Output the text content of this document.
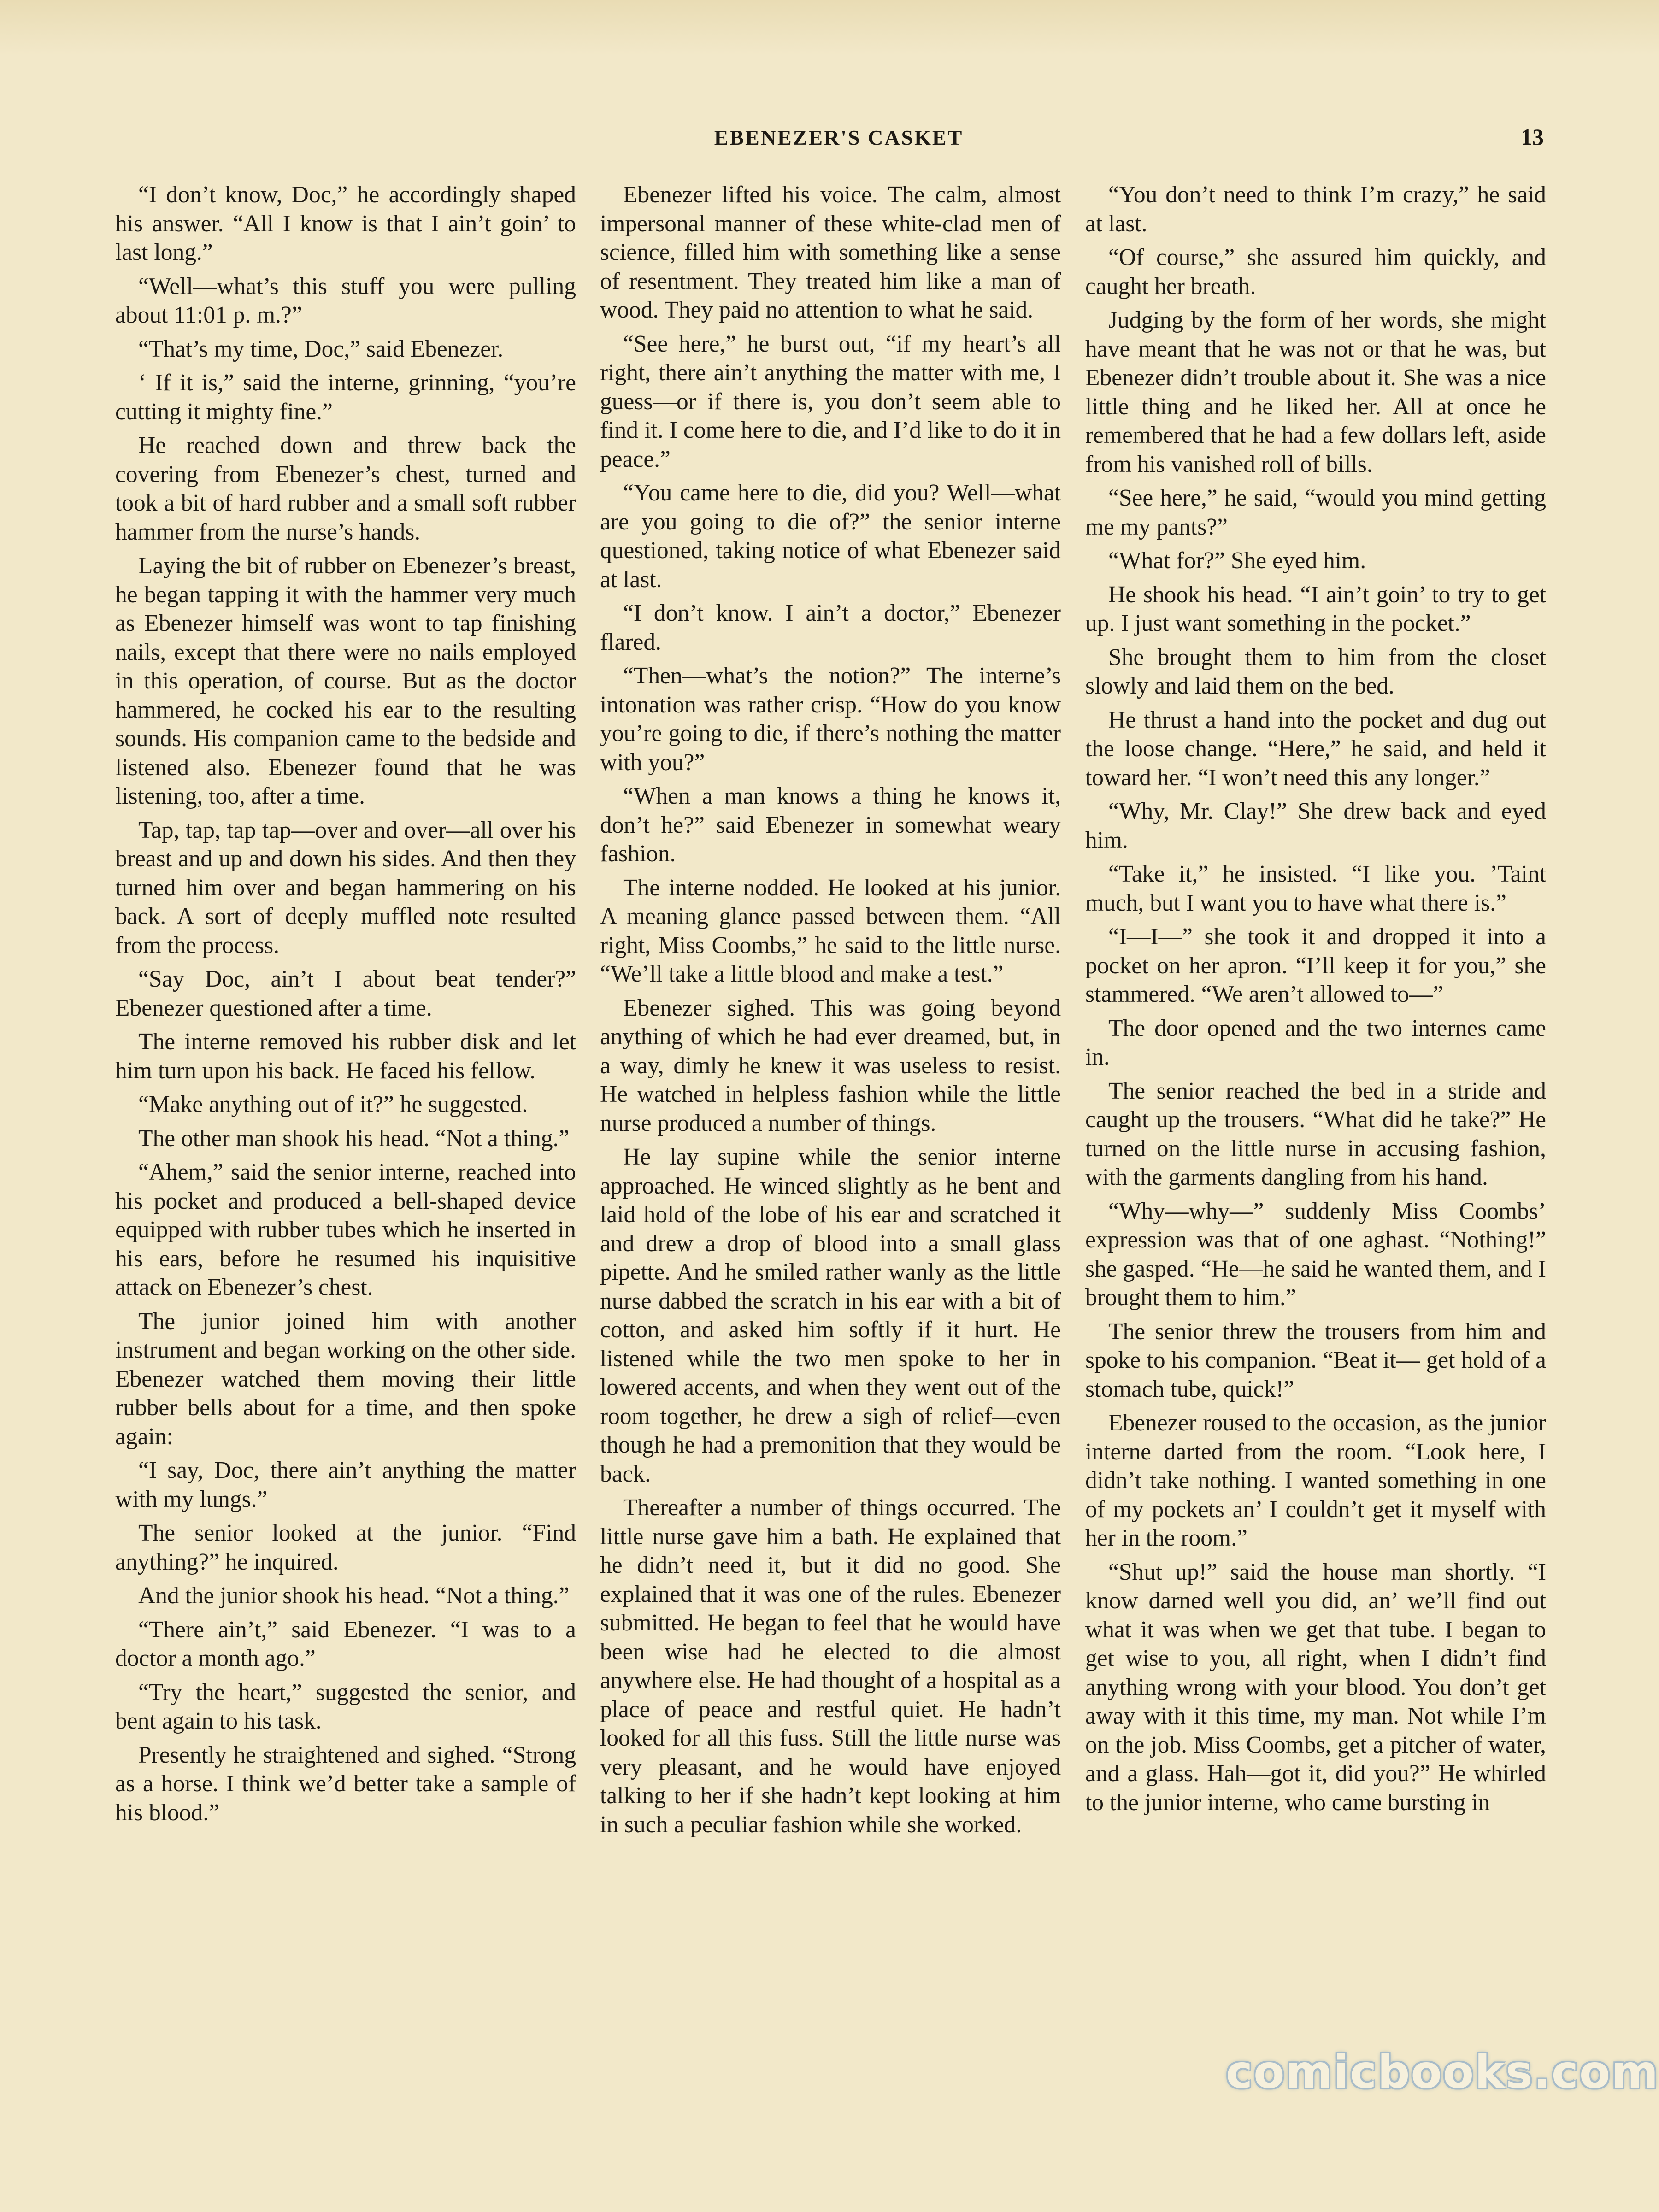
EBENEZER'S CASKET	13

“I don’t know, Doc,” he accordingly shaped his answer. “All I know is that I ain’t goin’ to last long.”

“Well—what’s this stuff you were pulling about 11:01 p. m.?”

“That’s my time, Doc,” said Ebenezer.

‘ If it is,” said the interne, grinning, “you’re cutting it mighty fine.”

He reached down and threw back the covering from Ebenezer’s chest, turned and took a bit of hard rubber and a small soft rubber hammer from the nurse’s hands.

Laying the bit of rubber on Ebenezer’s breast, he began tapping it with the hammer very much as Ebenezer himself was wont to tap finishing nails, except that there were no nails employed in this operation, of course. But as the doctor hammered, he cocked his ear to the resulting sounds. His companion came to the bedside and listened also. Ebenezer found that he was listening, too, after a time.

Tap, tap, tap tap—over and over—all over his breast and up and down his sides. And then they turned him over and began hammering on his back. A sort of deeply muffled note resulted from the process.

“Say Doc, ain’t I about beat tender?” Ebenezer questioned after a time.

The interne removed his rubber disk and let him turn upon his back. He faced his fellow.

“Make anything out of it?” he suggested.

The other man shook his head. “Not a thing.”

“Ahem,” said the senior interne, reached into his pocket and produced a bell-shaped device equipped with rubber tubes which he inserted in his ears, before he resumed his inquisitive attack on Ebenezer’s chest.

The junior joined him with another instrument and began working on the other side. Ebenezer watched them moving their little rubber bells about for a time, and then spoke again:

“I say, Doc, there ain’t anything the matter with my lungs.”

The senior looked at the junior. “Find anything?” he inquired.

And the junior shook his head. “Not a thing.”

“There ain’t,” said Ebenezer. “I was to a doctor a month ago.”

“Try the heart,” suggested the senior, and bent again to his task.

Presently he straightened and sighed. “Strong as a horse. I think we’d better take a sample of his blood.”

Ebenezer lifted his voice. The calm, almost impersonal manner of these white-clad men of science, filled him with something like a sense of resentment. They treated him like a man of wood. They paid no attention to what he said.

“See here,” he burst out, “if my heart’s all right, there ain’t anything the matter with me, I guess—or if there is, you don’t seem able to find it. I come here to die, and I’d like to do it in peace.”

“You came here to die, did you? Well—what are you going to die of?” the senior interne questioned, taking notice of what Ebenezer said at last.

“I don’t know. I ain’t a doctor,” Ebenezer flared.

“Then—what’s the notion?” The interne’s intonation was rather crisp. “How do you know you’re going to die, if there’s nothing the matter with you?”

“When a man knows a thing he knows it, don’t he?” said Ebenezer in somewhat weary fashion.

The interne nodded. He looked at his junior. A meaning glance passed between them. “All right, Miss Coombs,” he said to the little nurse. “We’ll take a little blood and make a test.”

Ebenezer sighed. This was going beyond anything of which he had ever dreamed, but, in a way, dimly he knew it was useless to resist. He watched in helpless fashion while the little nurse produced a number of things.

He lay supine while the senior interne approached. He winced slightly as he bent and laid hold of the lobe of his ear and scratched it and drew a drop of blood into a small glass pipette. And he smiled rather wanly as the little nurse dabbed the scratch in his ear with a bit of cotton, and asked him softly if it hurt. He listened while the two men spoke to her in lowered accents, and when they went out of the room together, he drew a sigh of relief—even though he had a premonition that they would be back.

Thereafter a number of things occurred. The little nurse gave him a bath. He explained that he didn’t need it, but it did no good. She explained that it was one of the rules. Ebenezer submitted. He began to feel that he would have been wise had he elected to die almost anywhere else. He had thought of a hospital as a place of peace and restful quiet. He hadn’t looked for all this fuss. Still the little nurse was very pleasant, and he would have enjoyed talking to her if she hadn’t kept looking at him in such a peculiar fashion while she worked.

“You don’t need to think I’m crazy,” he said at last.

“Of course,” she assured him quickly, and caught her breath.

Judging by the form of her words, she might have meant that he was not or that he was, but Ebenezer didn’t trouble about it. She was a nice little thing and he liked her. All at once he remembered that he had a few dollars left, aside from his vanished roll of bills.

“See here,” he said, “would you mind getting me my pants?”

“What for?” She eyed him.

He shook his head. “I ain’t goin’ to try to get up. I just want something in the pocket.”

She brought them to him from the closet slowly and laid them on the bed.

He thrust a hand into the pocket and dug out the loose change. “Here,” he said, and held it toward her. “I won’t need this any longer.”

“Why, Mr. Clay!” She drew back and eyed him.

“Take it,” he insisted. “I like you. ’Taint much, but I want you to have what there is.”

“I—I—” she took it and dropped it into a pocket on her apron. “I’ll keep it for you,” she stammered. “We aren’t allowed to—”

The door opened and the two internes came in.

The senior reached the bed in a stride and caught up the trousers. “What did he take?” He turned on the little nurse in accusing fashion, with the garments dangling from his hand.

“Why—why—” suddenly Miss Coombs’ expression was that of one aghast. “Nothing!” she gasped. “He—he said he wanted them, and I brought them to him.”

The senior threw the trousers from him and spoke to his companion. “Beat it— get hold of a stomach tube, quick!”

Ebenezer roused to the occasion, as the junior interne darted from the room. “Look here, I didn’t take nothing. I wanted something in one of my pockets an’ I couldn’t get it myself with her in the room.”

“Shut up!” said the house man shortly. “I know darned well you did, an’ we’ll find out what it was when we get that tube. I began to get wise to you, all right, when I didn’t find anything wrong with your blood. You don’t get away with it this time, my man. Not while I’m on the job. Miss Coombs, get a pitcher of water, and a glass. Hah—got it, did you?” He whirled to the junior interne, who came bursting in

comicbooks.com
